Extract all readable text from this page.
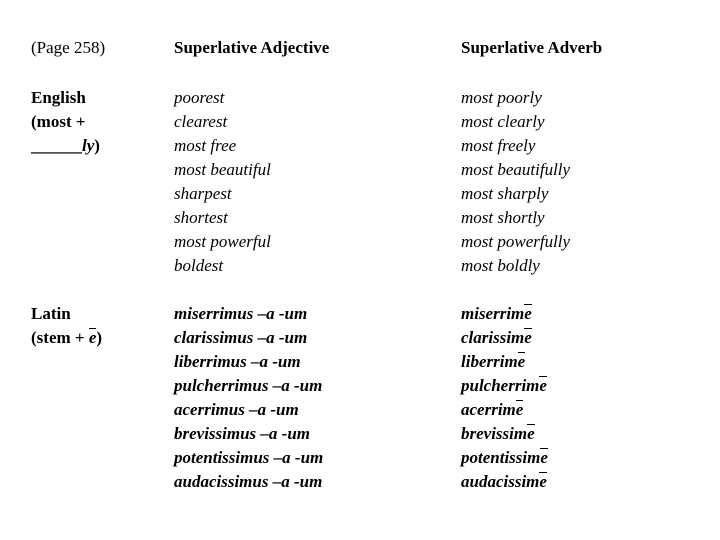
(Page 258)	Superlative Adjective	Superlative Adverb
English
(most +
______ly)
poorest
clearest
most free
most beautiful
sharpest
shortest
most powerful
boldest
most poorly
most clearly
most freely
most beautifully
most sharply
most shortly
most powerfully
most boldly
Latin
(stem + e)
miserrimus –a -um
clarissimus –a -um
liberrimus –a -um
pulcherrimus –a -um
acerrimus –a -um
brevissimus –a -um
potentissimus –a -um
audacissimus –a -um
miserrime
clarissime
liberrime
pulcherrime
acerrime
brevissime
potentissime
audacissime
